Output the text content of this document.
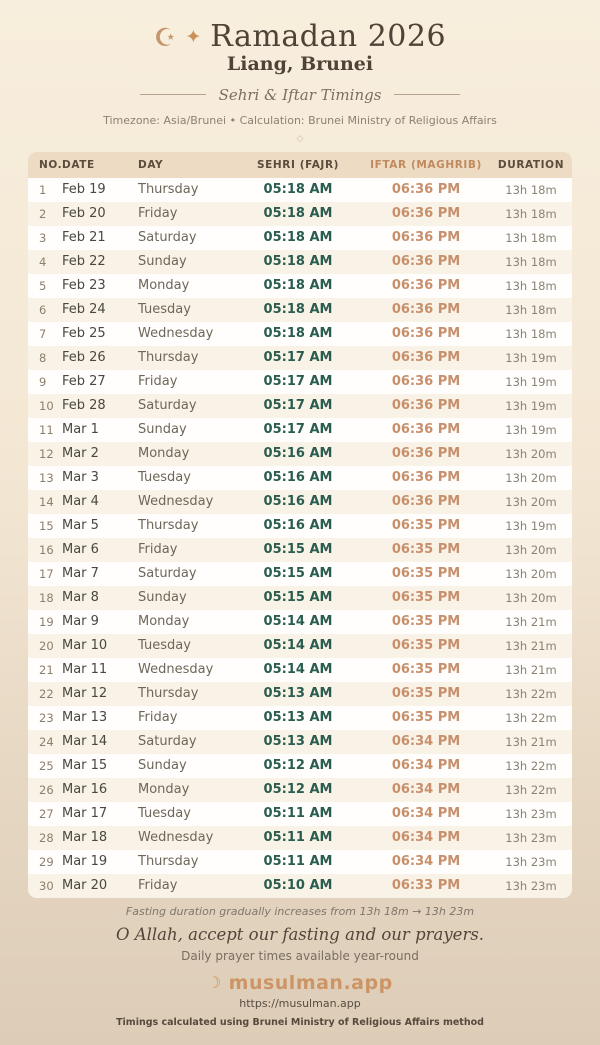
☪ ✦ Ramadan 2026
Liang, Brunei
Sehri & Iftar Timings
Timezone: Asia/Brunei • Calculation: Brunei Ministry of Religious Affairs
◇
NO.	DATE	DAY	SEHRI (FAJR)	IFTAR (MAGHRIB)	DURATION
1	Feb 19	Thursday	05:18 AM	06:36 PM	13h 18m
2	Feb 20	Friday	05:18 AM	06:36 PM	13h 18m
3	Feb 21	Saturday	05:18 AM	06:36 PM	13h 18m
4	Feb 22	Sunday	05:18 AM	06:36 PM	13h 18m
5	Feb 23	Monday	05:18 AM	06:36 PM	13h 18m
6	Feb 24	Tuesday	05:18 AM	06:36 PM	13h 18m
7	Feb 25	Wednesday	05:18 AM	06:36 PM	13h 18m
8	Feb 26	Thursday	05:17 AM	06:36 PM	13h 19m
9	Feb 27	Friday	05:17 AM	06:36 PM	13h 19m
10	Feb 28	Saturday	05:17 AM	06:36 PM	13h 19m
11	Mar 1	Sunday	05:17 AM	06:36 PM	13h 19m
12	Mar 2	Monday	05:16 AM	06:36 PM	13h 20m
13	Mar 3	Tuesday	05:16 AM	06:36 PM	13h 20m
14	Mar 4	Wednesday	05:16 AM	06:36 PM	13h 20m
15	Mar 5	Thursday	05:16 AM	06:35 PM	13h 19m
16	Mar 6	Friday	05:15 AM	06:35 PM	13h 20m
17	Mar 7	Saturday	05:15 AM	06:35 PM	13h 20m
18	Mar 8	Sunday	05:15 AM	06:35 PM	13h 20m
19	Mar 9	Monday	05:14 AM	06:35 PM	13h 21m
20	Mar 10	Tuesday	05:14 AM	06:35 PM	13h 21m
21	Mar 11	Wednesday	05:14 AM	06:35 PM	13h 21m
22	Mar 12	Thursday	05:13 AM	06:35 PM	13h 22m
23	Mar 13	Friday	05:13 AM	06:35 PM	13h 22m
24	Mar 14	Saturday	05:13 AM	06:34 PM	13h 21m
25	Mar 15	Sunday	05:12 AM	06:34 PM	13h 22m
26	Mar 16	Monday	05:12 AM	06:34 PM	13h 22m
27	Mar 17	Tuesday	05:11 AM	06:34 PM	13h 23m
28	Mar 18	Wednesday	05:11 AM	06:34 PM	13h 23m
29	Mar 19	Thursday	05:11 AM	06:34 PM	13h 23m
30	Mar 20	Friday	05:10 AM	06:33 PM	13h 23m
Fasting duration gradually increases from 13h 18m → 13h 23m
O Allah, accept our fasting and our prayers.
Daily prayer times available year-round
☾ musulman.app
https://musulman.app
Timings calculated using Brunei Ministry of Religious Affairs method
